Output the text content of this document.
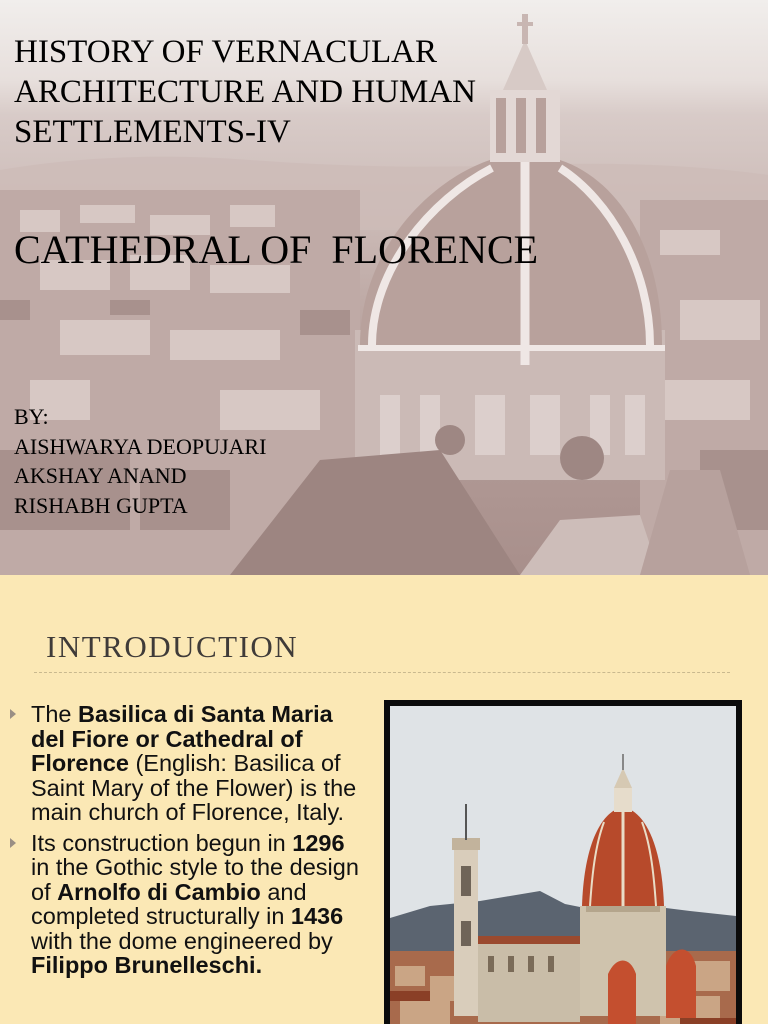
HISTORY OF VERNACULAR
ARCHITECTURE AND HUMAN
SETTLEMENTS-IV
CATHEDRAL OF  FLORENCE
BY:
AISHWARYA DEOPUJARI
AKSHAY ANAND
RISHABH GUPTA
INTRODUCTION
The Basilica di Santa Maria del Fiore or Cathedral of Florence (English: Basilica of Saint Mary of the Flower) is the main church of Florence, Italy.
Its construction begun in 1296 in the Gothic style to the design of Arnolfo di Cambio and completed structurally in 1436 with the dome engineered by Filippo Brunelleschi.
